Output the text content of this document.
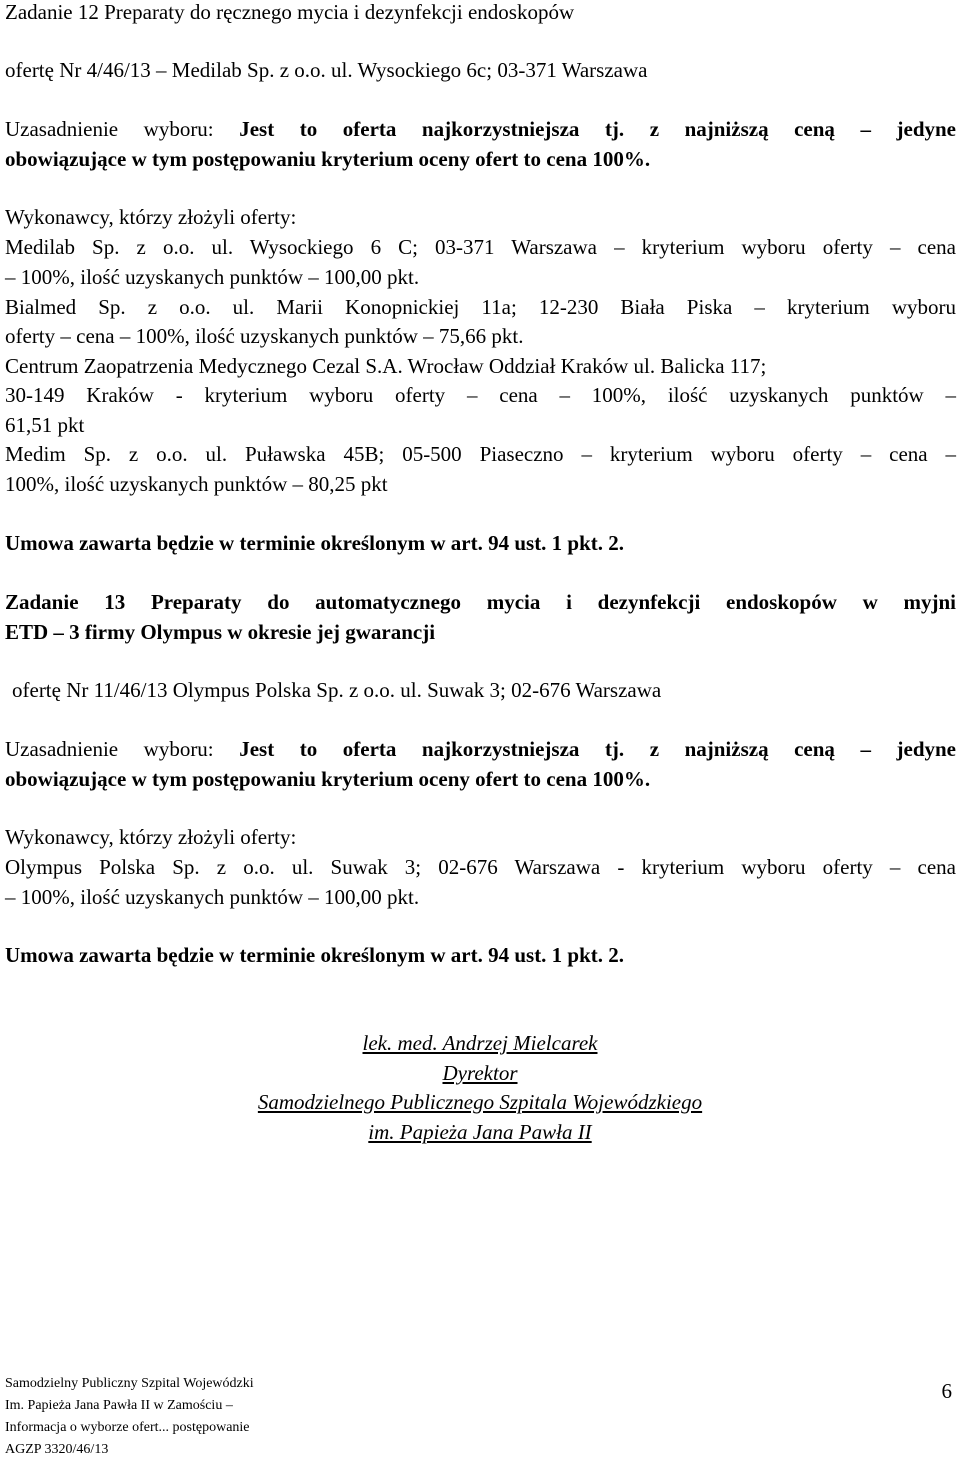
Zadanie 12 Preparaty do ręcznego mycia i dezynfekcji endoskopów

ofertę Nr 4/46/13 – Medilab Sp. z o.o. ul. Wysockiego 6c; 03-371 Warszawa

Uzasadnienie wyboru: Jest to oferta najkorzystniejsza tj. z najniższą ceną – jedyne

obowiązujące w tym postępowaniu kryterium oceny ofert to cena 100%.

Wykonawcy, którzy złożyli oferty:

Medilab Sp. z o.o. ul. Wysockiego 6 C; 03-371 Warszawa – kryterium wyboru oferty – cena

– 100%, ilość uzyskanych punktów – 100,00 pkt.

Bialmed Sp. z o.o. ul. Marii Konopnickiej 11a; 12-230 Biała Piska – kryterium wyboru

oferty – cena – 100%, ilość uzyskanych punktów – 75,66 pkt.

Centrum Zaopatrzenia Medycznego Cezal S.A. Wrocław Oddział Kraków ul. Balicka 117;

30-149 Kraków - kryterium wyboru oferty – cena – 100%, ilość uzyskanych punktów –

61,51 pkt

Medim Sp. z o.o. ul. Puławska 45B; 05-500 Piaseczno – kryterium wyboru oferty – cena –

100%, ilość uzyskanych punktów – 80,25 pkt

Umowa zawarta będzie w terminie określonym w art. 94 ust. 1 pkt. 2.

Zadanie 13 Preparaty do automatycznego mycia i dezynfekcji endoskopów w myjni

ETD – 3 firmy Olympus w okresie jej gwarancji

ofertę Nr 11/46/13 Olympus Polska Sp. z o.o. ul. Suwak 3; 02-676 Warszawa

Uzasadnienie wyboru: Jest to oferta najkorzystniejsza tj. z najniższą ceną – jedyne

obowiązujące w tym postępowaniu kryterium oceny ofert to cena 100%.

Wykonawcy, którzy złożyli oferty:

Olympus Polska Sp. z o.o. ul. Suwak 3; 02-676 Warszawa - kryterium wyboru oferty – cena

– 100%, ilość uzyskanych punktów – 100,00 pkt.

Umowa zawarta będzie w terminie określonym w art. 94 ust. 1 pkt. 2.

lek. med. Andrzej Mielcarek

Dyrektor

Samodzielnego Publicznego Szpitala Wojewódzkiego

im. Papieża Jana Pawła II

Samodzielny Publiczny Szpital Wojewódzki

Im. Papieża Jana Pawła II w Zamościu –

Informacja o wyborze ofert... postępowanie

AGZP 3320/46/13

6
